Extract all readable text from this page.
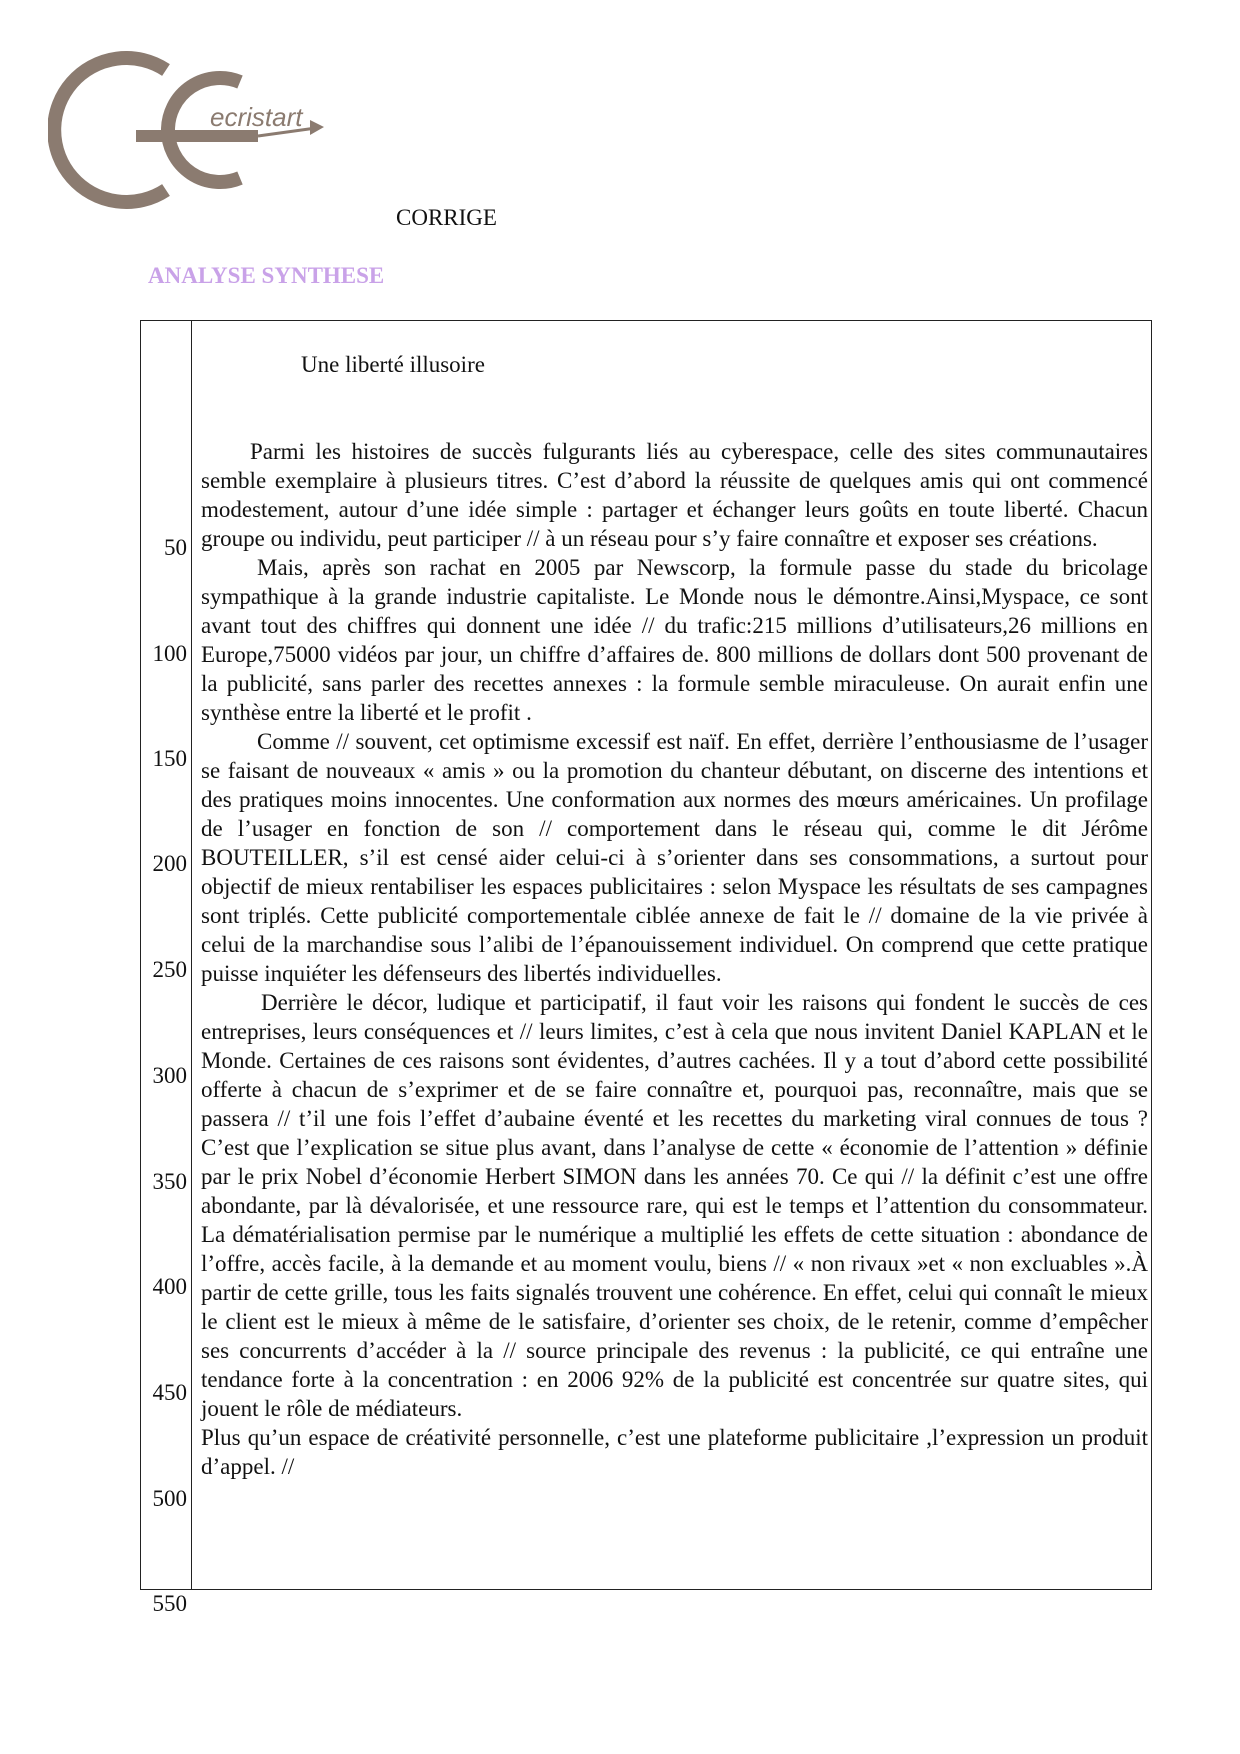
ecristart
CORRIGE
ANALYSE SYNTHESE
50
100
150
200
250
300
350
400
450
500
550
Une liberté illusoire

Parmi les histoires de succès fulgurants liés au cyberespace, celle des sites communautaires semble exemplaire à plusieurs titres. C’est d’abord la réussite de quelques amis qui ont commencé modestement, autour d’une idée simple : partager et échanger leurs goûts en toute liberté. Chacun groupe ou individu, peut participer // à un réseau pour s’y faire connaître et exposer ses créations.

Mais, après son rachat en 2005 par Newscorp, la formule passe du stade du bricolage sympathique à la grande industrie capitaliste. Le Monde nous le démontre.Ainsi,Myspace, ce sont avant tout des chiffres qui donnent une idée // du trafic:215 millions d’utilisateurs,26 millions en Europe,75000 vidéos par jour, un chiffre d’affaires de. 800 millions de dollars dont 500 provenant de la publicité, sans parler des recettes annexes : la formule semble miraculeuse. On aurait enfin une synthèse entre la liberté et le profit .

Comme // souvent, cet optimisme excessif est naïf. En effet, derrière l’enthousiasme de l’usager se faisant de nouveaux « amis » ou la promotion du chanteur débutant, on discerne des intentions et des pratiques moins innocentes. Une conformation aux normes des mœurs américaines. Un profilage de l’usager en fonction de son // comportement dans le réseau qui, comme le dit Jérôme BOUTEILLER, s’il est censé aider celui-ci à s’orienter dans ses consommations, a surtout pour objectif de mieux rentabiliser les espaces publicitaires : selon Myspace les résultats de ses campagnes sont triplés. Cette publicité comportementale ciblée annexe de fait le // domaine de la vie privée à celui de la marchandise sous l’alibi de l’épanouissement individuel. On comprend que cette pratique puisse inquiéter les défenseurs des libertés individuelles.

Derrière le décor, ludique et participatif, il faut voir les raisons qui fondent le succès de ces entreprises, leurs conséquences et // leurs limites, c’est à cela que nous invitent Daniel KAPLAN et le Monde. Certaines de ces raisons sont évidentes, d’autres cachées. Il y a tout d’abord cette possibilité offerte à chacun de s’exprimer et de se faire connaître et, pourquoi pas, reconnaître, mais que se passera // t’il une fois l’effet d’aubaine éventé et les recettes du marketing viral connues de tous ? C’est que l’explication se situe plus avant, dans l’analyse de cette « économie de l’attention » définie par le prix Nobel d’économie Herbert SIMON dans les années 70. Ce qui // la définit c’est une offre abondante, par là dévalorisée, et une ressource rare, qui est le temps et l’attention du consommateur. La dématérialisation permise par le numérique a multiplié les effets de cette situation : abondance de l’offre, accès facile, à la demande et au moment voulu, biens // « non rivaux »et « non excluables ».À partir de cette grille, tous les faits signalés trouvent une cohérence. En effet, celui qui connaît le mieux le client est le mieux à même de le satisfaire, d’orienter ses choix, de le retenir, comme d’empêcher ses concurrents d’accéder à la // source principale des revenus : la publicité, ce qui entraîne une tendance forte à la concentration : en 2006 92% de la publicité est concentrée sur quatre sites, qui jouent le rôle de médiateurs.

Plus qu’un espace de créativité personnelle, c’est une plateforme publicitaire ,l’expression un produit d’appel. //
